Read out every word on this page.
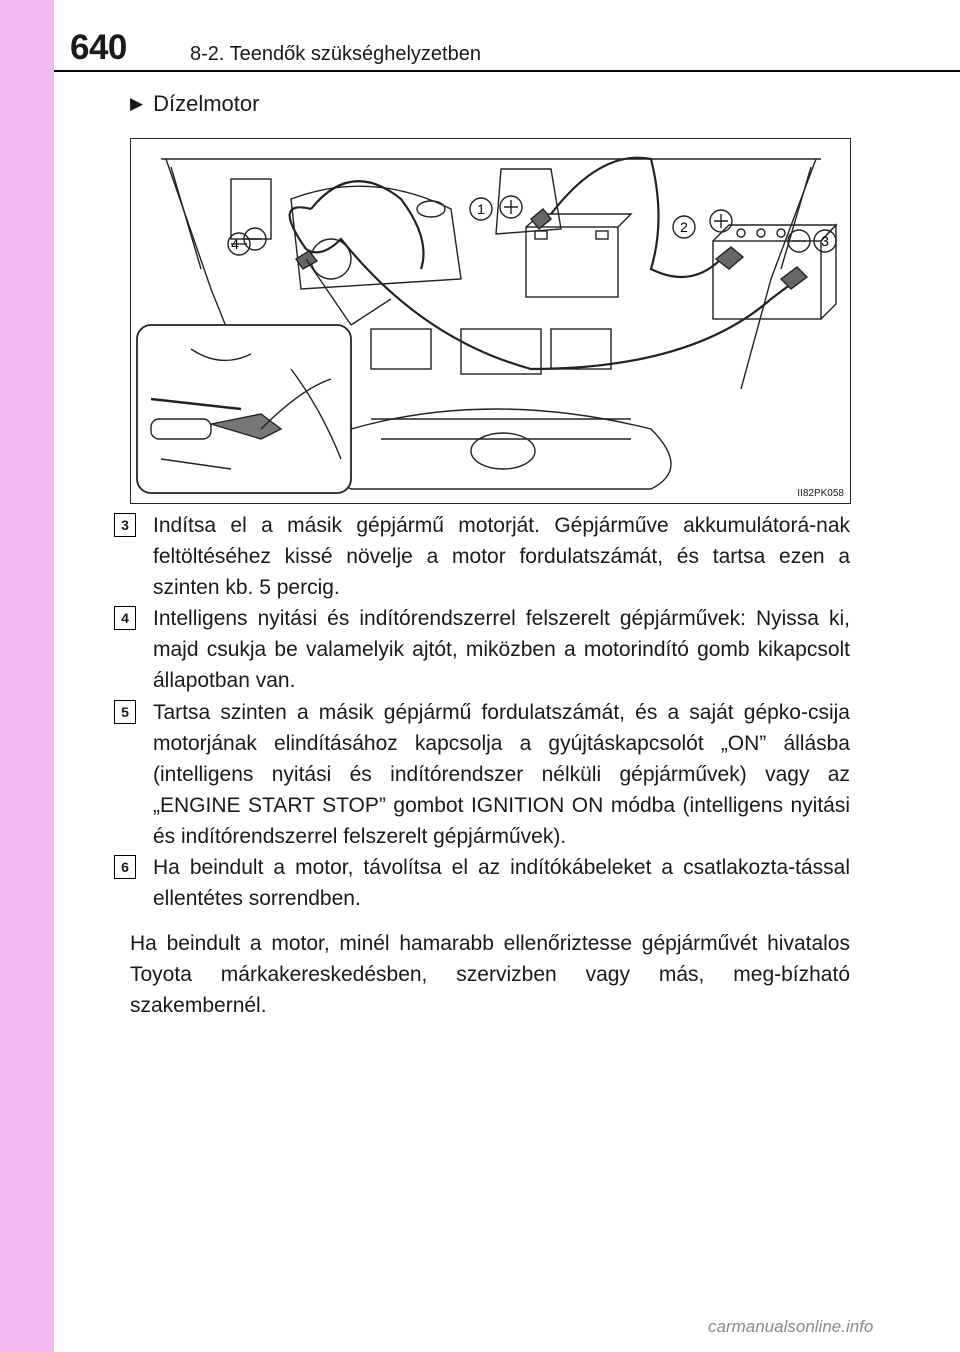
640	8-2. Teendők szükséghelyzetben
▶ Dízelmotor
4
1
2
3
II82PK058
3	Indítsa el a másik gépjármű motorját. Gépjárműve akkumulátorá-nak feltöltéséhez kissé növelje a motor fordulatszámát, és tartsa ezen a szinten kb. 5 percig.
4	Intelligens nyitási és indítórendszerrel felszerelt gépjárművek: Nyissa ki, majd csukja be valamelyik ajtót, miközben a motorindító gomb kikapcsolt állapotban van.
5	Tartsa szinten a másik gépjármű fordulatszámát, és a saját gépko-csija motorjának elindításához kapcsolja a gyújtáskapcsolót „ON” állásba (intelligens nyitási és indítórendszer nélküli gépjárművek) vagy az „ENGINE START STOP” gombot IGNITION ON módba (intelligens nyitási és indítórendszerrel felszerelt gépjárművek).
6	Ha beindult a motor, távolítsa el az indítókábeleket a csatlakozta-tással ellentétes sorrendben.
Ha beindult a motor, minél hamarabb ellenőriztesse gépjárművét hivatalos Toyota márkakereskedésben, szervizben vagy más, meg-bízható szakembernél.
carmanualsonline.info
